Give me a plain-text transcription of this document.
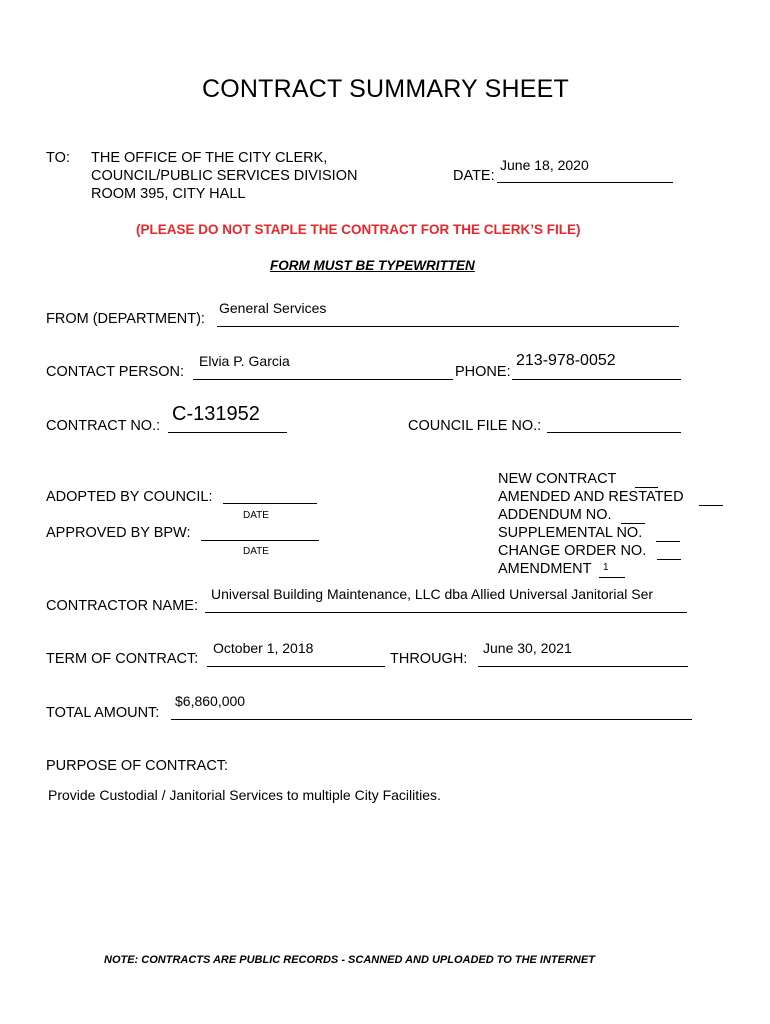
CONTRACT SUMMARY SHEET
TO: THE OFFICE OF THE CITY CLERK,
COUNCIL/PUBLIC SERVICES DIVISION
ROOM 395, CITY HALL
DATE:
June 18, 2020
(PLEASE DO NOT STAPLE THE CONTRACT FOR THE CLERK’S FILE)
FORM MUST BE TYPEWRITTEN
FROM (DEPARTMENT):
General Services
CONTACT PERSON:
Elvia P. Garcia
PHONE:
213-978-0052
CONTRACT NO.:
C-131952
COUNCIL FILE NO.:
ADOPTED BY COUNCIL:
DATE
APPROVED BY BPW:
DATE
NEW CONTRACT
AMENDED AND RESTATED
ADDENDUM NO.
SUPPLEMENTAL NO.
CHANGE ORDER NO.
AMENDMENT 1
CONTRACTOR NAME:
Universal Building Maintenance, LLC dba Allied Universal Janitorial Ser
TERM OF CONTRACT:
October 1, 2018
THROUGH:
June 30, 2021
TOTAL AMOUNT:
$6,860,000
PURPOSE OF CONTRACT:
Provide Custodial / Janitorial Services to multiple City Facilities.
NOTE: CONTRACTS ARE PUBLIC RECORDS - SCANNED AND UPLOADED TO THE INTERNET
